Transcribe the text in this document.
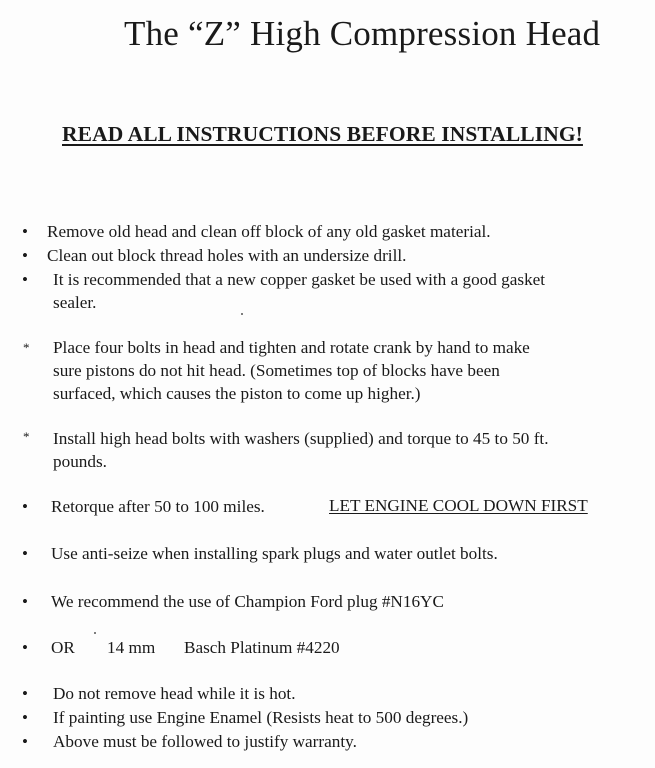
The “Z” High Compression Head
READ ALL INSTRUCTIONS BEFORE INSTALLING!
• Remove old head and clean off block of any old gasket material.
• Clean out block thread holes with an undersize drill.
• It is recommended that a new copper gasket be used with a good gasket
sealer.
* Place four bolts in head and tighten and rotate crank by hand to make
sure pistons do not hit head. (Sometimes top of blocks have been
surfaced, which causes the piston to come up higher.)
* Install high head bolts with washers (supplied) and torque to 45 to 50 ft.
pounds.
• Retorque after 50 to 100 miles.	LET ENGINE COOL DOWN FIRST
• Use anti-seize when installing spark plugs and water outlet bolts.
• We recommend the use of Champion Ford plug #N16YC
• OR 14 mm Basch Platinum #4220
• Do not remove head while it is hot.
• If painting use Engine Enamel (Resists heat to 500 degrees.)
• Above must be followed to justify warranty.
